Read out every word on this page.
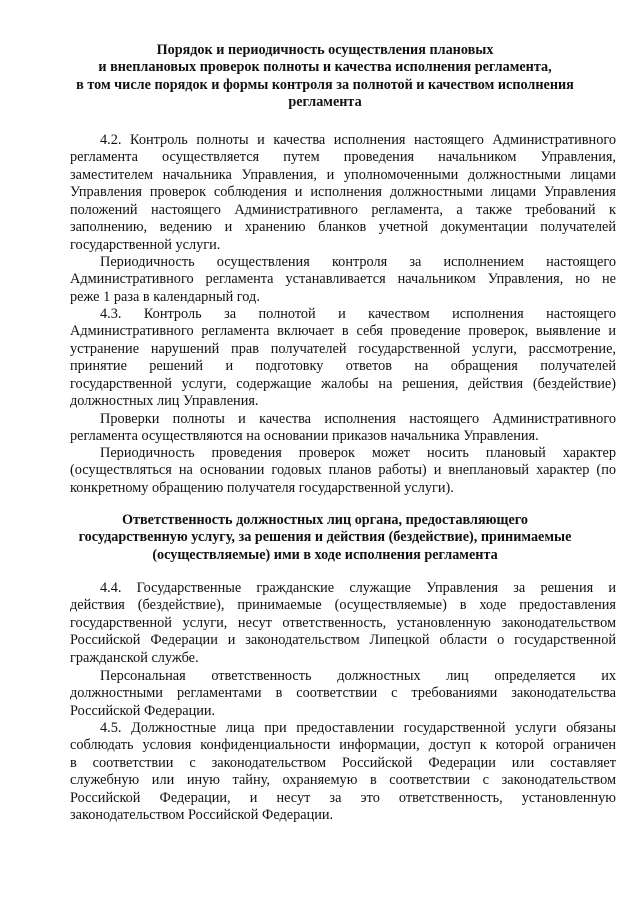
Порядок и периодичность осуществления плановых
и внеплановых проверок полноты и качества исполнения регламента,
в том числе порядок и формы контроля за полнотой и качеством исполнения
регламента
4.2. Контроль полноты и качества исполнения настоящего Административного
регламента осуществляется путем проведения начальником Управления,
заместителем начальника Управления, и уполномоченными должностными лицами
Управления проверок соблюдения и исполнения должностными лицами Управления
положений настоящего Административного регламента, а также требований к
заполнению, ведению и хранению бланков учетной документации получателей
государственной услуги.
Периодичность осуществления контроля за исполнением настоящего
Административного регламента устанавливается начальником Управления, но не
реже 1 раза в календарный год.
4.3. Контроль за полнотой и качеством исполнения настоящего
Административного регламента включает в себя проведение проверок, выявление и
устранение нарушений прав получателей государственной услуги, рассмотрение,
принятие решений и подготовку ответов на обращения получателей
государственной услуги, содержащие жалобы на решения, действия (бездействие)
должностных лиц Управления.
Проверки полноты и качества исполнения настоящего Административного
регламента осуществляются на основании приказов начальника Управления.
Периодичность проведения проверок может носить плановый характер
(осуществляться на основании годовых планов работы) и внеплановый характер (по
конкретному обращению получателя государственной услуги).
Ответственность должностных лиц органа, предоставляющего
государственную услугу, за решения и действия (бездействие), принимаемые
(осуществляемые) ими в ходе исполнения регламента
4.4. Государственные гражданские служащие Управления за решения и
действия (бездействие), принимаемые (осуществляемые) в ходе предоставления
государственной услуги, несут ответственность, установленную законодательством
Российской Федерации и законодательством Липецкой области о государственной
гражданской службе.
Персональная ответственность должностных лиц определяется их
должностными регламентами в соответствии с требованиями законодательства
Российской Федерации.
4.5. Должностные лица при предоставлении государственной услуги обязаны
соблюдать условия конфиденциальности информации, доступ к которой ограничен
в соответствии с законодательством Российской Федерации или составляет
служебную или иную тайну, охраняемую в соответствии с законодательством
Российской Федерации, и несут за это ответственность, установленную
законодательством Российской Федерации.
